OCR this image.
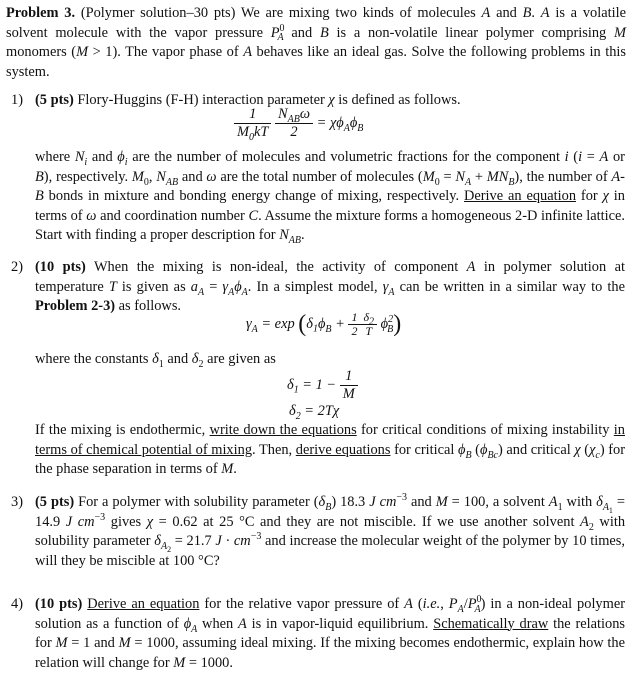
Problem 3. (Polymer solution–30 pts) We are mixing two kinds of molecules A and B. A is a volatile solvent molecule with the vapor pressure $P^0_A$ and B is a non-volatile linear polymer comprising M monomers (M > 1). The vapor phase of A behaves like an ideal gas. Solve the following problems in this system.
1) (5 pts) Flory-Huggins (F-H) interaction parameter χ is defined as follows.
$\frac{1}{M_0kT}$
$\frac{N_{AB}\omega}{2} = \chi\phi_A\phi_B$
where $N_i$ and $\phi_i$ are the number of molecules and volumetric fractions for the component i (i = A or B), respectively. $M_0$, $N_{AB}$ and ω are the total number of molecules $(M_0 = N_A + MN_B)$, the number of A-B bonds in mixture and bonding energy change of mixing, respectively. Derive an equation for χ in terms of ω and coordination number C. Assume the mixture forms a homogeneous 2-D infinite lattice. Start with finding a proper description for $N_{AB}$.
2) (10 pts) When the mixing is non-ideal, the activity of component A in polymer solution at temperature T is given as $a_A = \gamma_A\phi_A$. In a simplest model, $\gamma_A$ can be written in a similar way to the Problem 2-3) as follows.
$\gamma_A = \exp (\delta_1\phi_B + \frac{1}{2} \frac{\delta_2}{T} \phi^2_B)$
where the constants $\delta_1$ and $\delta_2$ are given as
$\delta_1 = 1 - \frac{1}{M}$
$\delta_2 = 2T\chi$
If the mixing is endothermic, write down the equations for critical conditions of mixing instability in terms of chemical potential of mixing. Then, derive equations for critical $\phi_B$ $(\phi_{Bc})$ and critical χ $(\chi_c)$ for the phase separation in terms of M.
3) (5 pts) For a polymer with solubility parameter $(\delta_B)$ 18.3 J $cm^{-3}$ and M = 100, a solvent $A_1$ with $\delta_{A_1} = 14.9$ J $cm^{-3}$ gives χ = 0.62 at 25 °C and they are not miscible. If we use another solvent $A_2$ with solubility parameter $\delta_{A_2} = 21.7$ $J \cdot cm^{-3}$ and increase the molecular weight of the polymer by 10 times, will they be miscible at 100 °C?
4) (10 pts) Derive an equation for the relative vapor pressure of A (i.e., $P_A/P^0_A$) in a non-ideal polymer solution as a function of $\phi_A$ when A is in vapor-liquid equilibrium. Schematically draw the relations for M = 1 and M = 1000, assuming ideal mixing. If the mixing becomes endothermic, explain how the relation will change for M = 1000.
